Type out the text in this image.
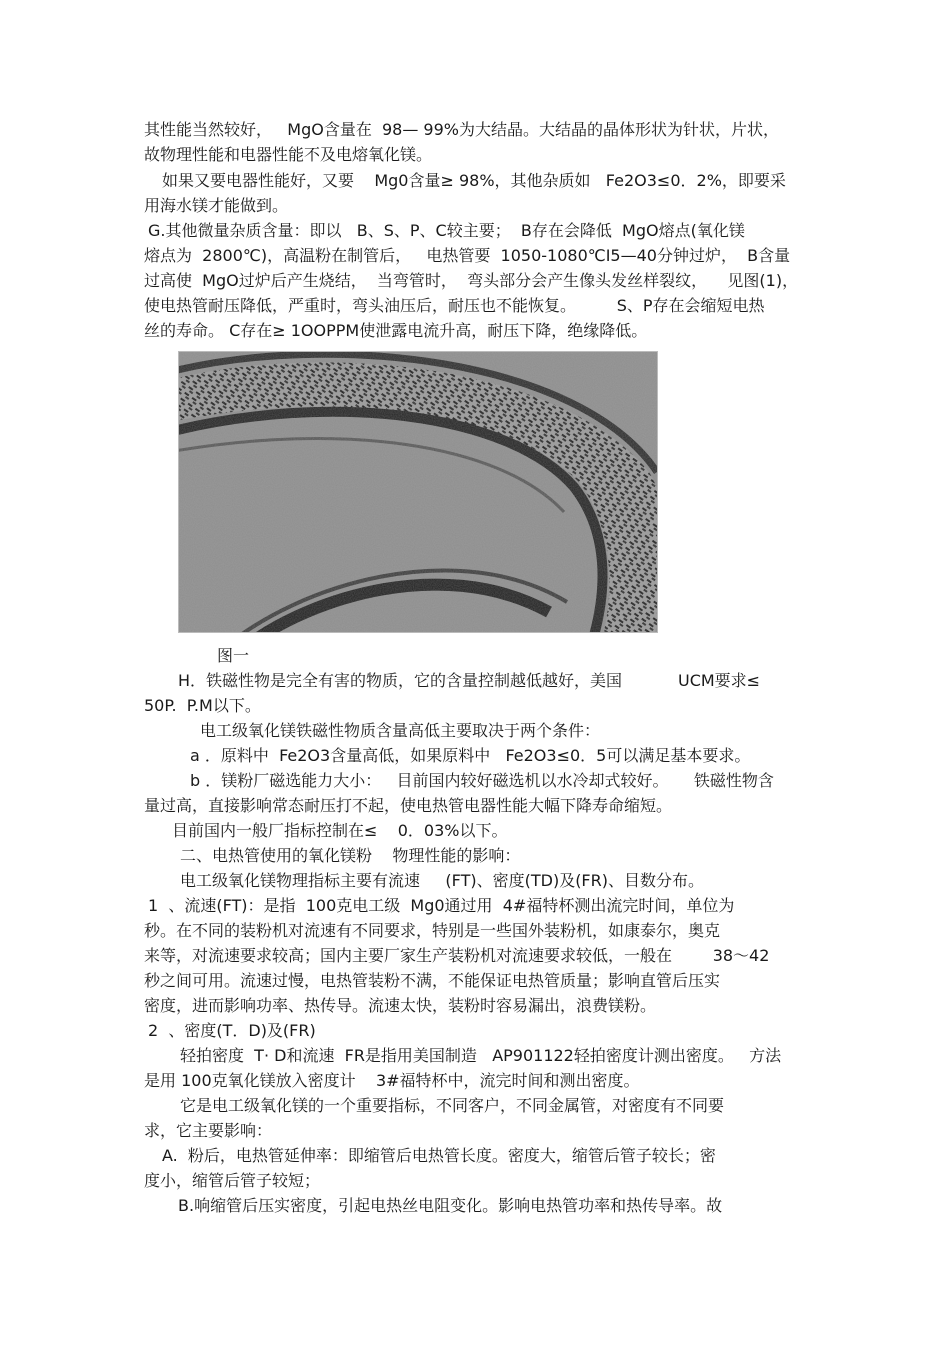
其性能当然较好，   MgO含量在  98— 99%为大结晶。大结晶的晶体形状为针状，片状，
故物理性能和电器性能不及电熔氧化镁。
如果又要电器性能好，又要    Mg0含量≥ 98%，其他杂质如   Fe2O3≤0．2%，即要采
用海水镁才能做到。
G.其他微量杂质含量：即以   B、S、P、C较主要；  B存在会降低  MgO熔点(氧化镁
熔点为  2800℃)，高温粉在制管后，   电热管要  1050-1080℃I5—40分钟过炉，  B含量
过高使  MgO过炉后产生烧结，  当弯管时，  弯头部分会产生像头发丝样裂纹，    见图(1)，
使电热管耐压降低，严重时，弯头油压后，耐压也不能恢复。        S、P存在会缩短电热
丝的寿命。 C存在≥ 1OOPPM使泄露电流升高，耐压下降，绝缘降低。
图一
H．铁磁性物是完全有害的物质，它的含量控制越低越好，美国           UCM要求≤
50P.  P.M以下。
电工级氧化镁铁磁性物质含量高低主要取决于两个条件：
a ．原料中  Fe2O3含量高低，如果原料中   Fe2O3≤0．5可以满足基本要求。
b ．镁粉厂磁选能力大小：   目前国内较好磁选机以水冷却式较好。     铁磁性物含
量过高，直接影响常态耐压打不起，使电热管电器性能大幅下降寿命缩短。
目前国内一般厂指标控制在≤    0．03%以下。
二、电热管使用的氧化镁粉    物理性能的影响：
电工级氧化镁物理指标主要有流速     (FT)、密度(TD)及(FR)、目数分布。
1  、流速(FT)：是指  100克电工级  Mg0通过用  4#福特杯测出流完时间，单位为
秒。在不同的装粉机对流速有不同要求，特别是一些国外装粉机，如康泰尔，奥克
来等，对流速要求较高；国内主要厂家生产装粉机对流速要求较低，一般在        38～42
秒之间可用。流速过慢，电热管装粉不满，不能保证电热管质量；影响直管后压实
密度，进而影响功率、热传导。流速太快，装粉时容易漏出，浪费镁粉。
2  、密度(T．D)及(FR)
轻拍密度  T· D和流速  FR是指用美国制造   AP901122轻拍密度计测出密度。   方法
是用 100克氧化镁放入密度计    3#福特杯中，流完时间和测出密度。
它是电工级氧化镁的一个重要指标，不同客户，不同金属管，对密度有不同要
求，它主要影响：
A.  粉后，电热管延伸率：即缩管后电热管长度。密度大，缩管后管子较长；密
度小，缩管后管子较短；
B.响缩管后压实密度，引起电热丝电阻变化。影响电热管功率和热传导率。故
